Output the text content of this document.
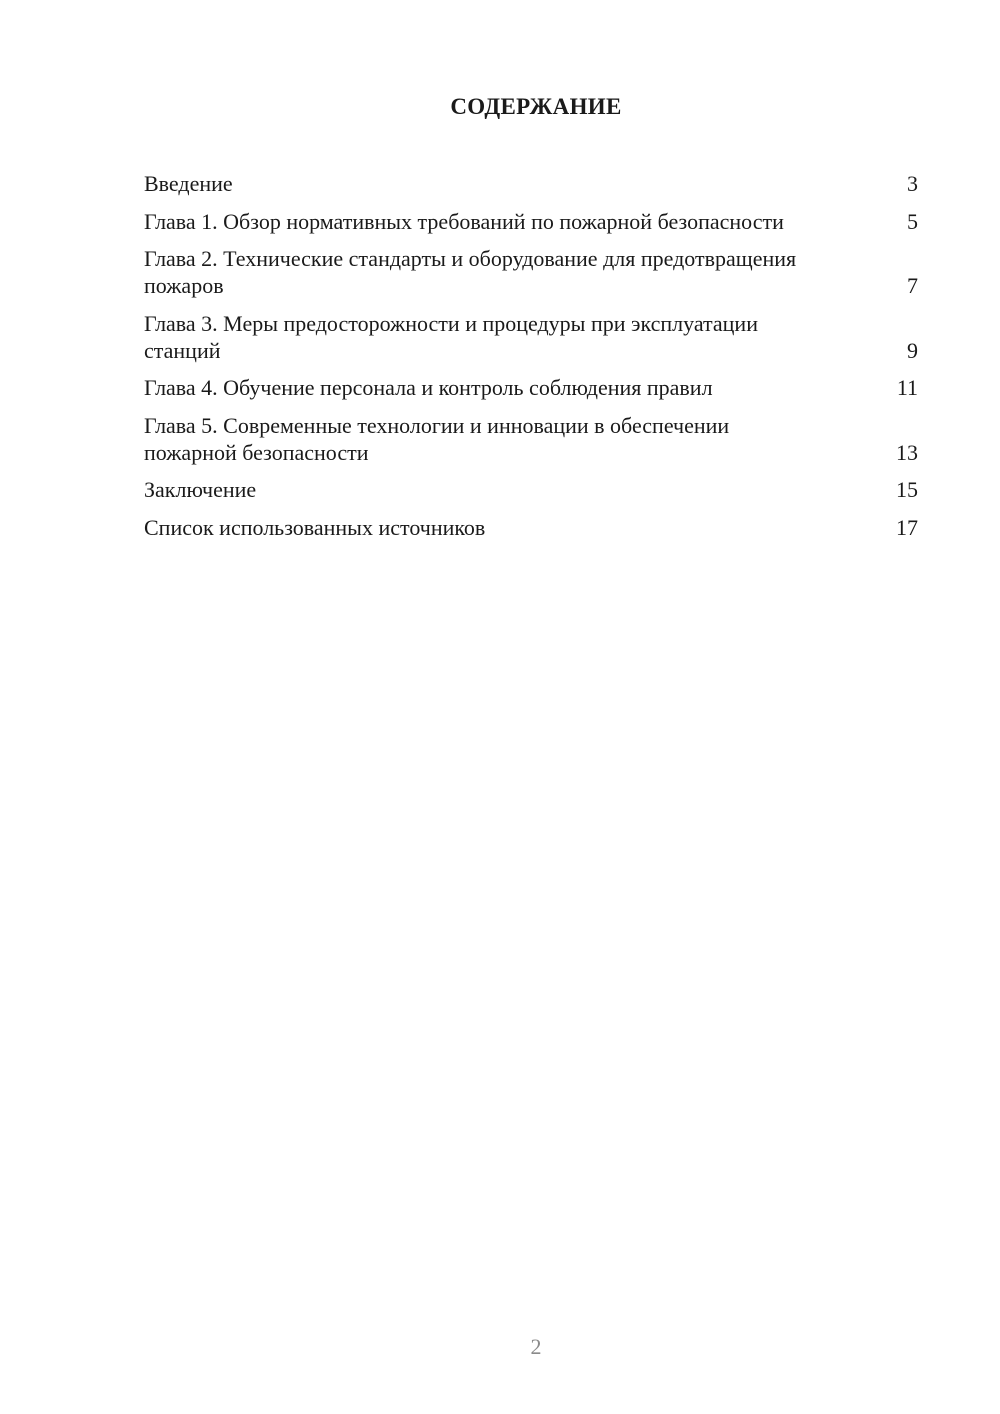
СОДЕРЖАНИЕ
Введение	3
Глава 1. Обзор нормативных требований по пожарной безопасности	5
Глава 2. Технические стандарты и оборудование для предотвращения пожаров	7
Глава 3. Меры предосторожности и процедуры при эксплуатации станций	9
Глава 4. Обучение персонала и контроль соблюдения правил	11
Глава 5. Современные технологии и инновации в обеспечении пожарной безопасности	13
Заключение	15
Список использованных источников	17
2
